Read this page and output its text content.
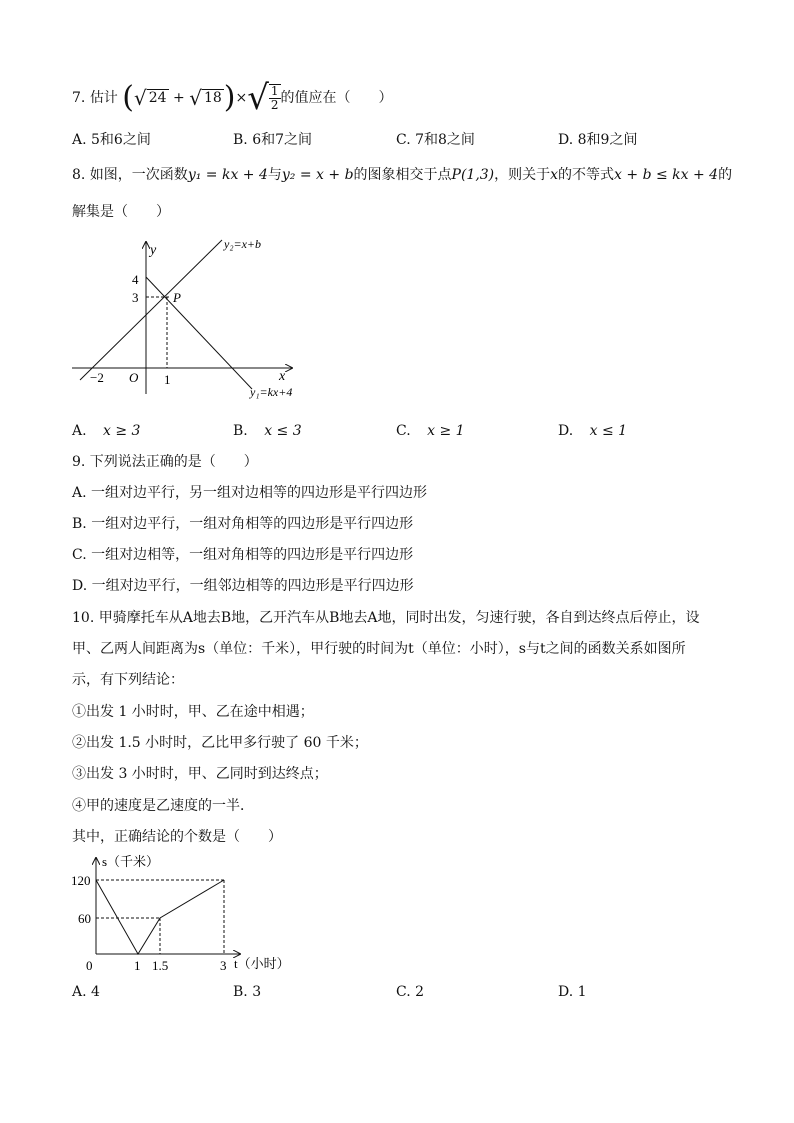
7. 估计 (√ 24 + √ $18)\times√ \frac{1}{2}$ 的值应在（　　）
A. 5和6之间	B. 6和7之间	C. 7和8之间	D. 8和9之间
8. 如图，一次函数y₁ = kx + 4与y₂ = x + b的图象相交于点P(1,3)，则关于x的不等式x + b ≤ kx + 4的
解集是（　　）
y
x
O
4
3
−2	1
P
y₂=x+b
y₁=kx+4
A. x ≥ 3	B. x ≤ 3	C. x ≥ 1	D. x ≤ 1
9. 下列说法正确的是（　　）
A. 一组对边平行，另一组对边相等的四边形是平行四边形
B. 一组对边平行，一组对角相等的四边形是平行四边形
C. 一组对边相等，一组对角相等的四边形是平行四边形
D. 一组对边平行，一组邻边相等的四边形是平行四边形
10. 甲骑摩托车从A地去B地，乙开汽车从B地去A地，同时出发，匀速行驶，各自到达终点后停止，设
甲、乙两人间距离为s（单位：千米），甲行驶的时间为t（单位：小时），s与t之间的函数关系如图所
示，有下列结论：
①出发 1 小时时，甲、乙在途中相遇；
②出发 1.5 小时时，乙比甲多行驶了 60 千米；
③出发 3 小时时，甲、乙同时到达终点；
④甲的速度是乙速度的一半．
其中，正确结论的个数是（　　）
s（千米）
t（小时）
120
60
0	1 1.5	3
A. 4	B. 3	C. 2	D. 1
